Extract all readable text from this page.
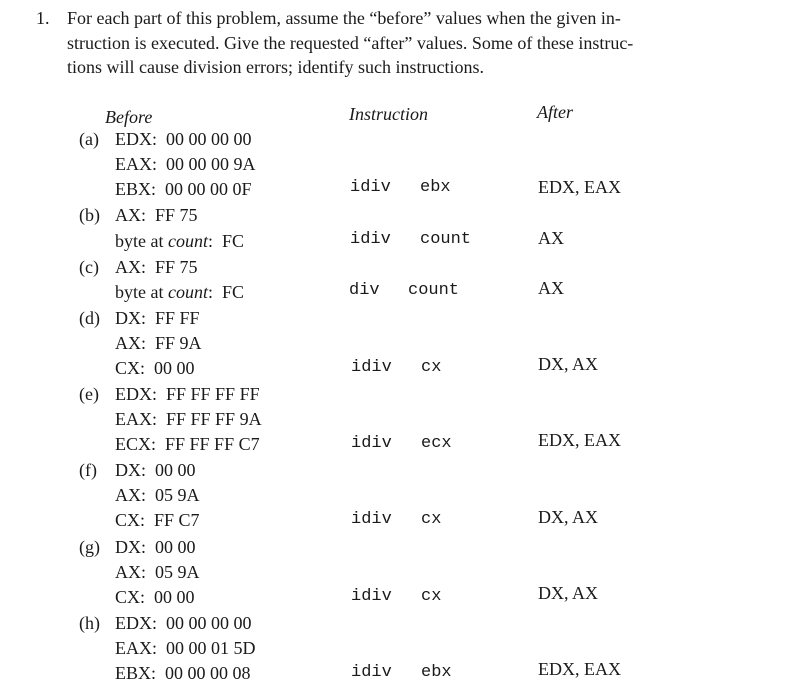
1. For each part of this problem, assume the “before” values when the given in-
struction is executed. Give the requested “after” values. Some of these instruc-
tions will cause division errors; identify such instructions.
Before	Instruction	After
(a) EDX: 00 00 00 00
EAX: 00 00 00 9A
EBX: 00 00 00 0F	idiv ebx	EDX, EAX
(b) AX: FF 75
byte at count: FC	idiv count	AX
(c) AX: FF 75
byte at count: FC	div count	AX
(d) DX: FF FF
AX: FF 9A
CX: 00 00	idiv cx	DX, AX
(e) EDX: FF FF FF FF
EAX: FF FF FF 9A
ECX: FF FF FF C7	idiv ecx	EDX, EAX
(f) DX: 00 00
AX: 05 9A
CX: FF C7	idiv cx	DX, AX
(g) DX: 00 00
AX: 05 9A
CX: 00 00	idiv cx	DX, AX
(h) EDX: 00 00 00 00
EAX: 00 00 01 5D
EBX: 00 00 00 08	idiv ebx	EDX, EAX
